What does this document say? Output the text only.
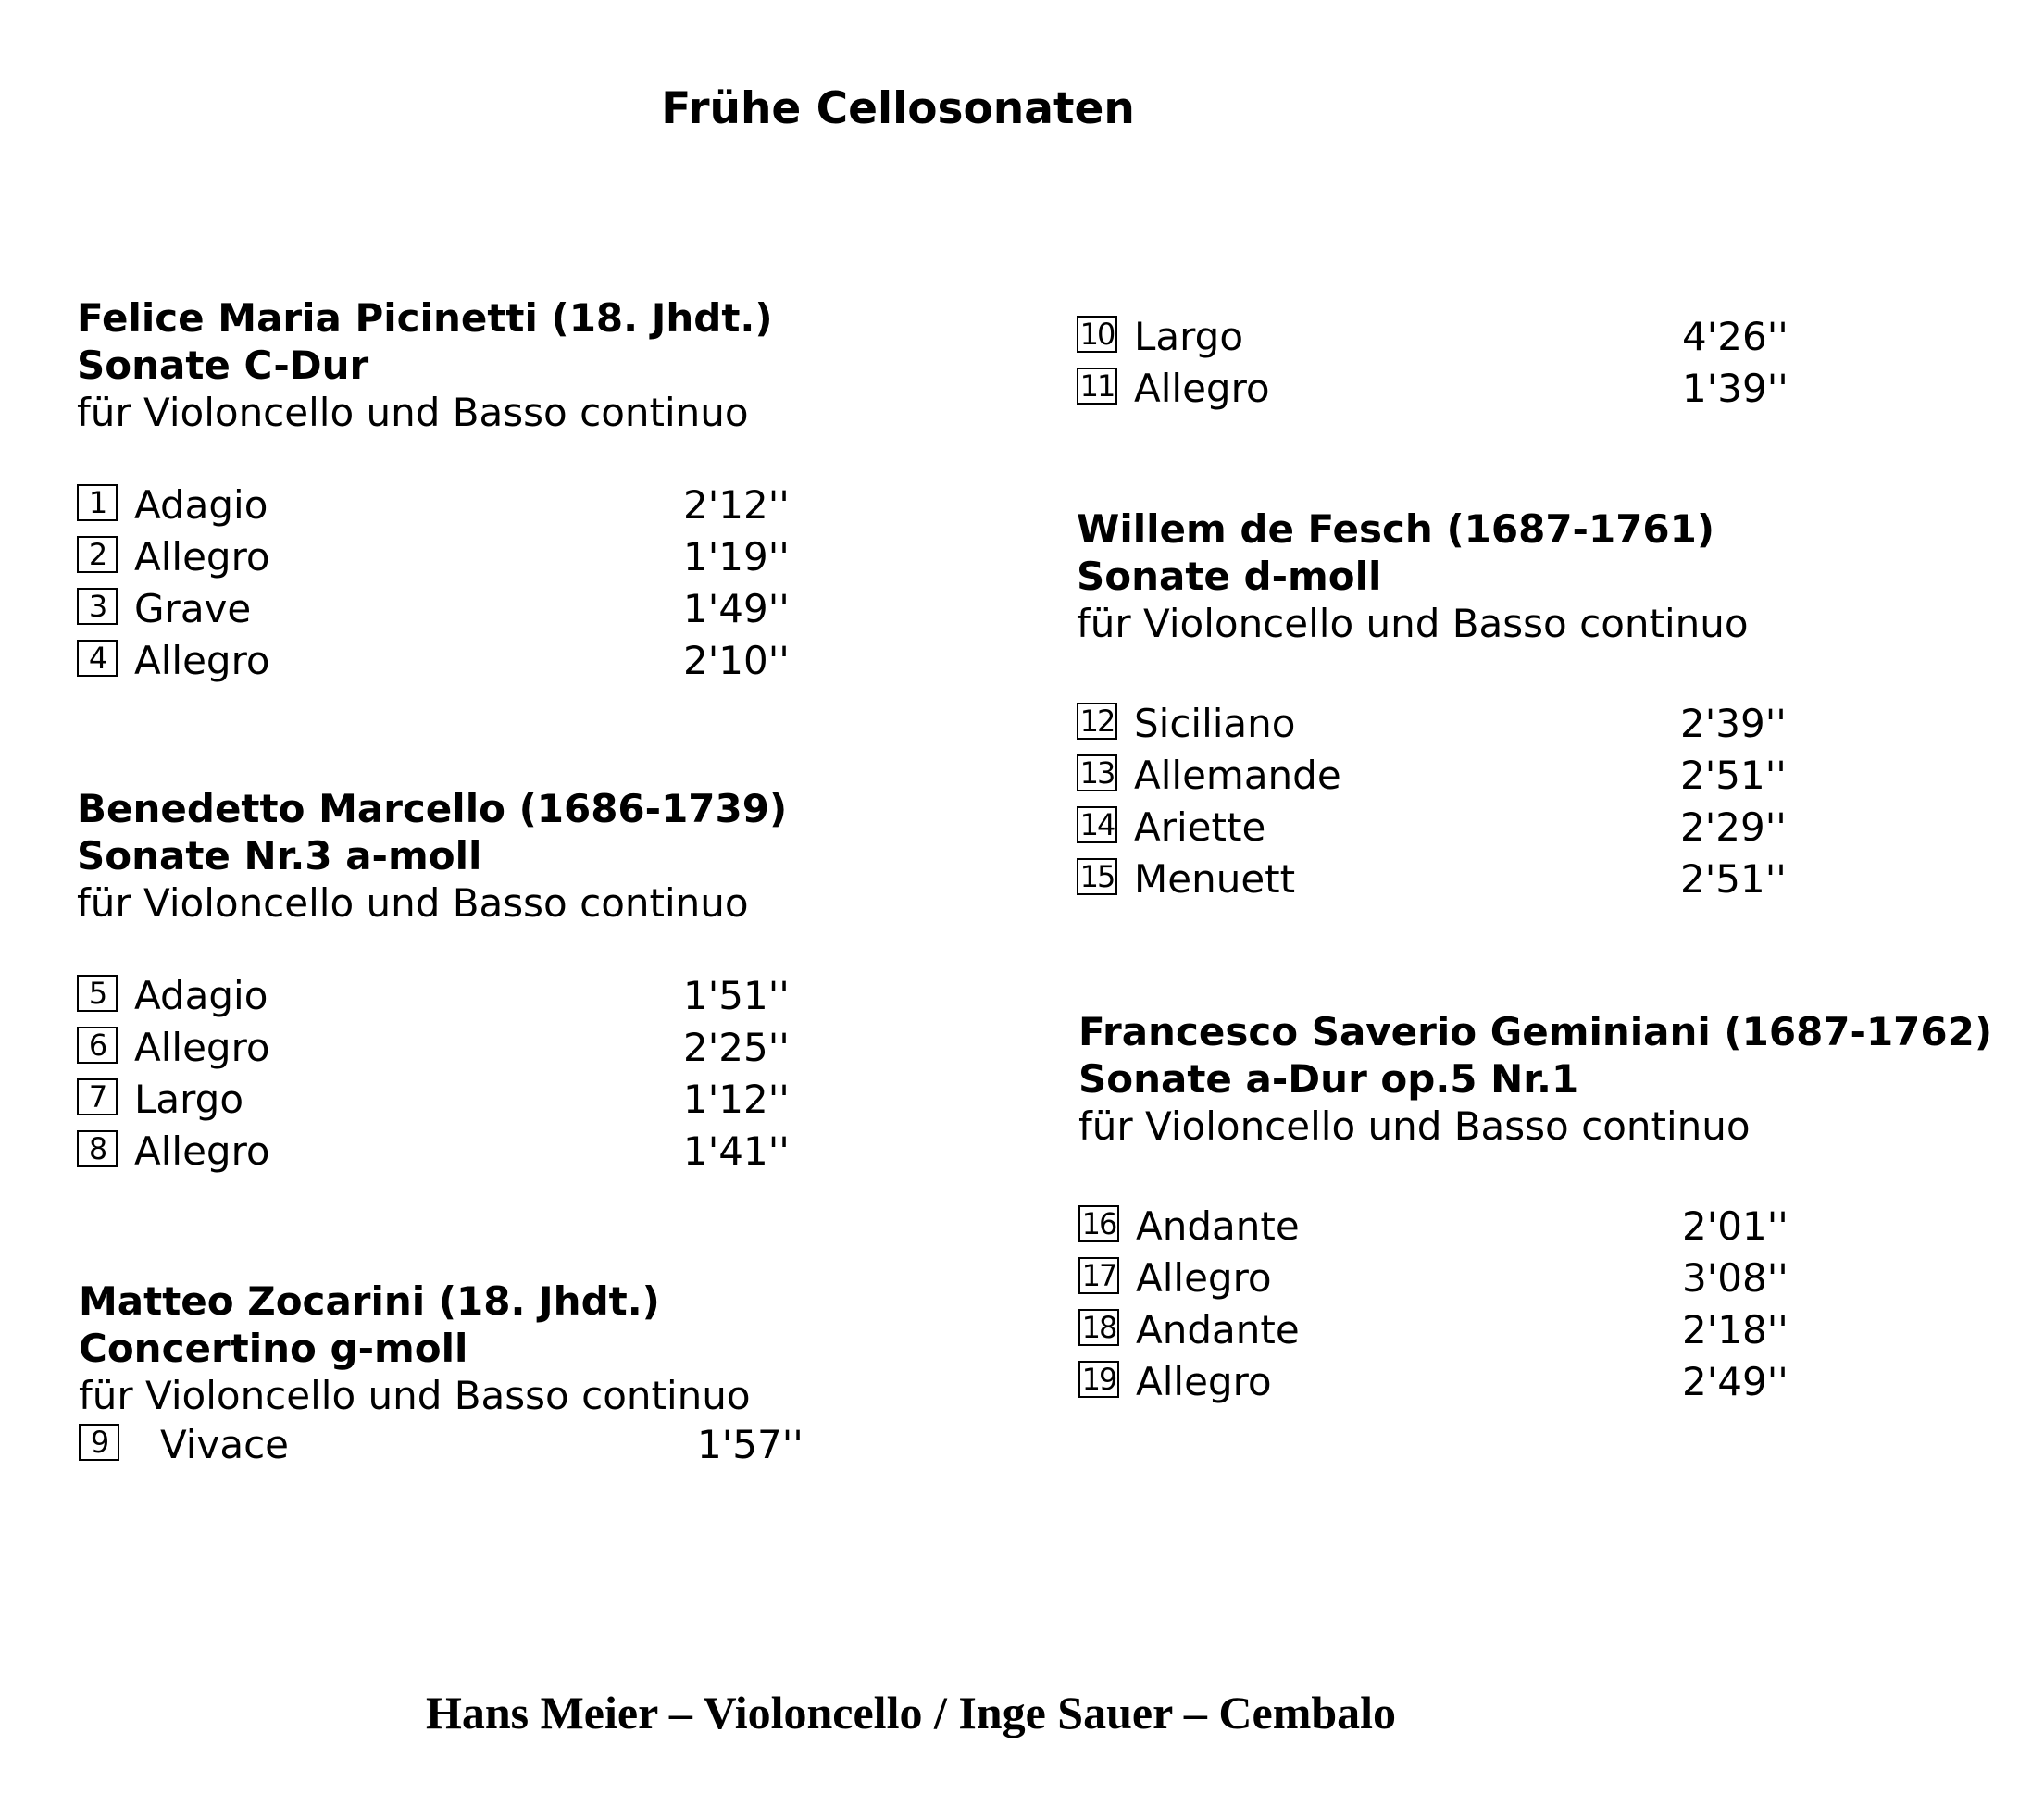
Frühe Cellosonaten
Felice Maria Picinetti (18. Jhdt.)
Sonate C-Dur
für Violoncello und Basso continuo
1 Adagio	2'12''
2 Allegro	1'19''
3 Grave	1'49''
4 Allegro	2'10''
Benedetto Marcello (1686-1739)
Sonate Nr.3 a-moll
für Violoncello und Basso continuo
5 Adagio	1'51''
6 Allegro	2'25''
7 Largo	1'12''
8 Allegro	1'41''
Matteo Zocarini (18. Jhdt.)
Concertino g-moll
für Violoncello und Basso continuo
9	Vivace	1'57''
10 Largo	4'26''
11 Allegro	1'39''
Willem de Fesch (1687-1761)
Sonate d-moll
für Violoncello und Basso continuo
12 Siciliano	2'39''
13 Allemande	2'51''
14 Ariette	2'29''
15 Menuett	2'51''
Francesco Saverio Geminiani (1687-1762)
Sonate a-Dur op.5 Nr.1
für Violoncello und Basso continuo
16 Andante	2'01''
17 Allegro	3'08''
18 Andante	2'18''
19 Allegro	2'49''
Hans Meier – Violoncello / Inge Sauer – Cembalo
